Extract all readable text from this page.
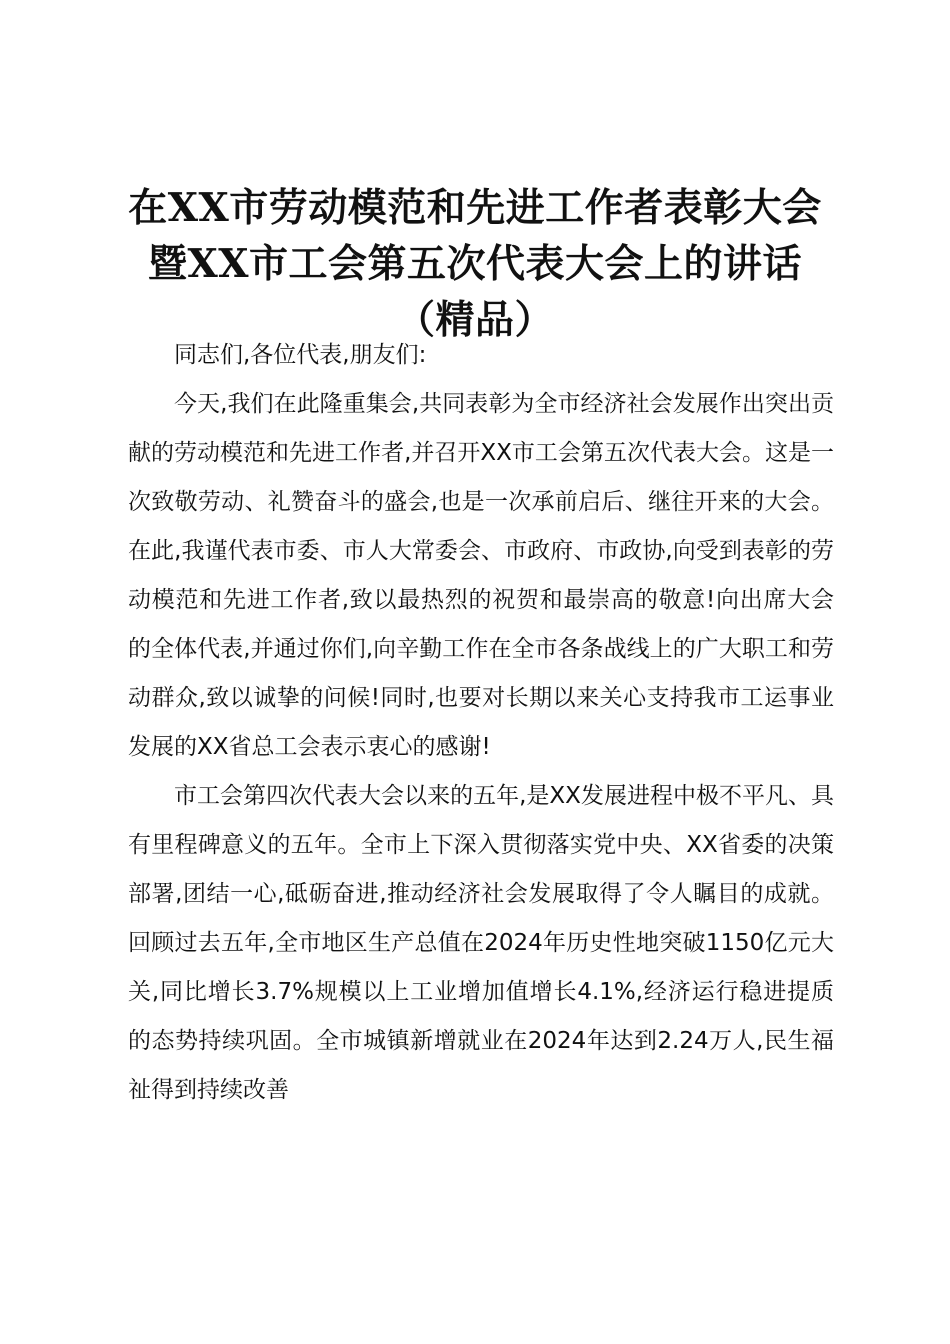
在XX市劳动模范和先进工作者表彰大会暨XX市工会第五次代表大会上的讲话（精品）

同志们,各位代表,朋友们:

今天,我们在此隆重集会,共同表彰为全市经济社会发展作出突出贡献的劳动模范和先进工作者,并召开XX市工会第五次代表大会。这是一次致敬劳动、礼赞奋斗的盛会,也是一次承前启后、继往开来的大会。在此,我谨代表市委、市人大常委会、市政府、市政协,向受到表彰的劳动模范和先进工作者,致以最热烈的祝贺和最崇高的敬意!向出席大会的全体代表,并通过你们,向辛勤工作在全市各条战线上的广大职工和劳动群众,致以诚挚的问候!同时,也要对长期以来关心支持我市工运事业发展的XX省总工会表示衷心的感谢!

市工会第四次代表大会以来的五年,是XX发展进程中极不平凡、具有里程碑意义的五年。全市上下深入贯彻落实党中央、XX省委的决策部署,团结一心,砥砺奋进,推动经济社会发展取得了令人瞩目的成就。回顾过去五年,全市地区生产总值在2024年历史性地突破1150亿元大关,同比增长3.7%规模以上工业增加值增长4.1%,经济运行稳进提质的态势持续巩固。全市城镇新增就业在2024年达到2.24万人,民生福祉得到持续改善
